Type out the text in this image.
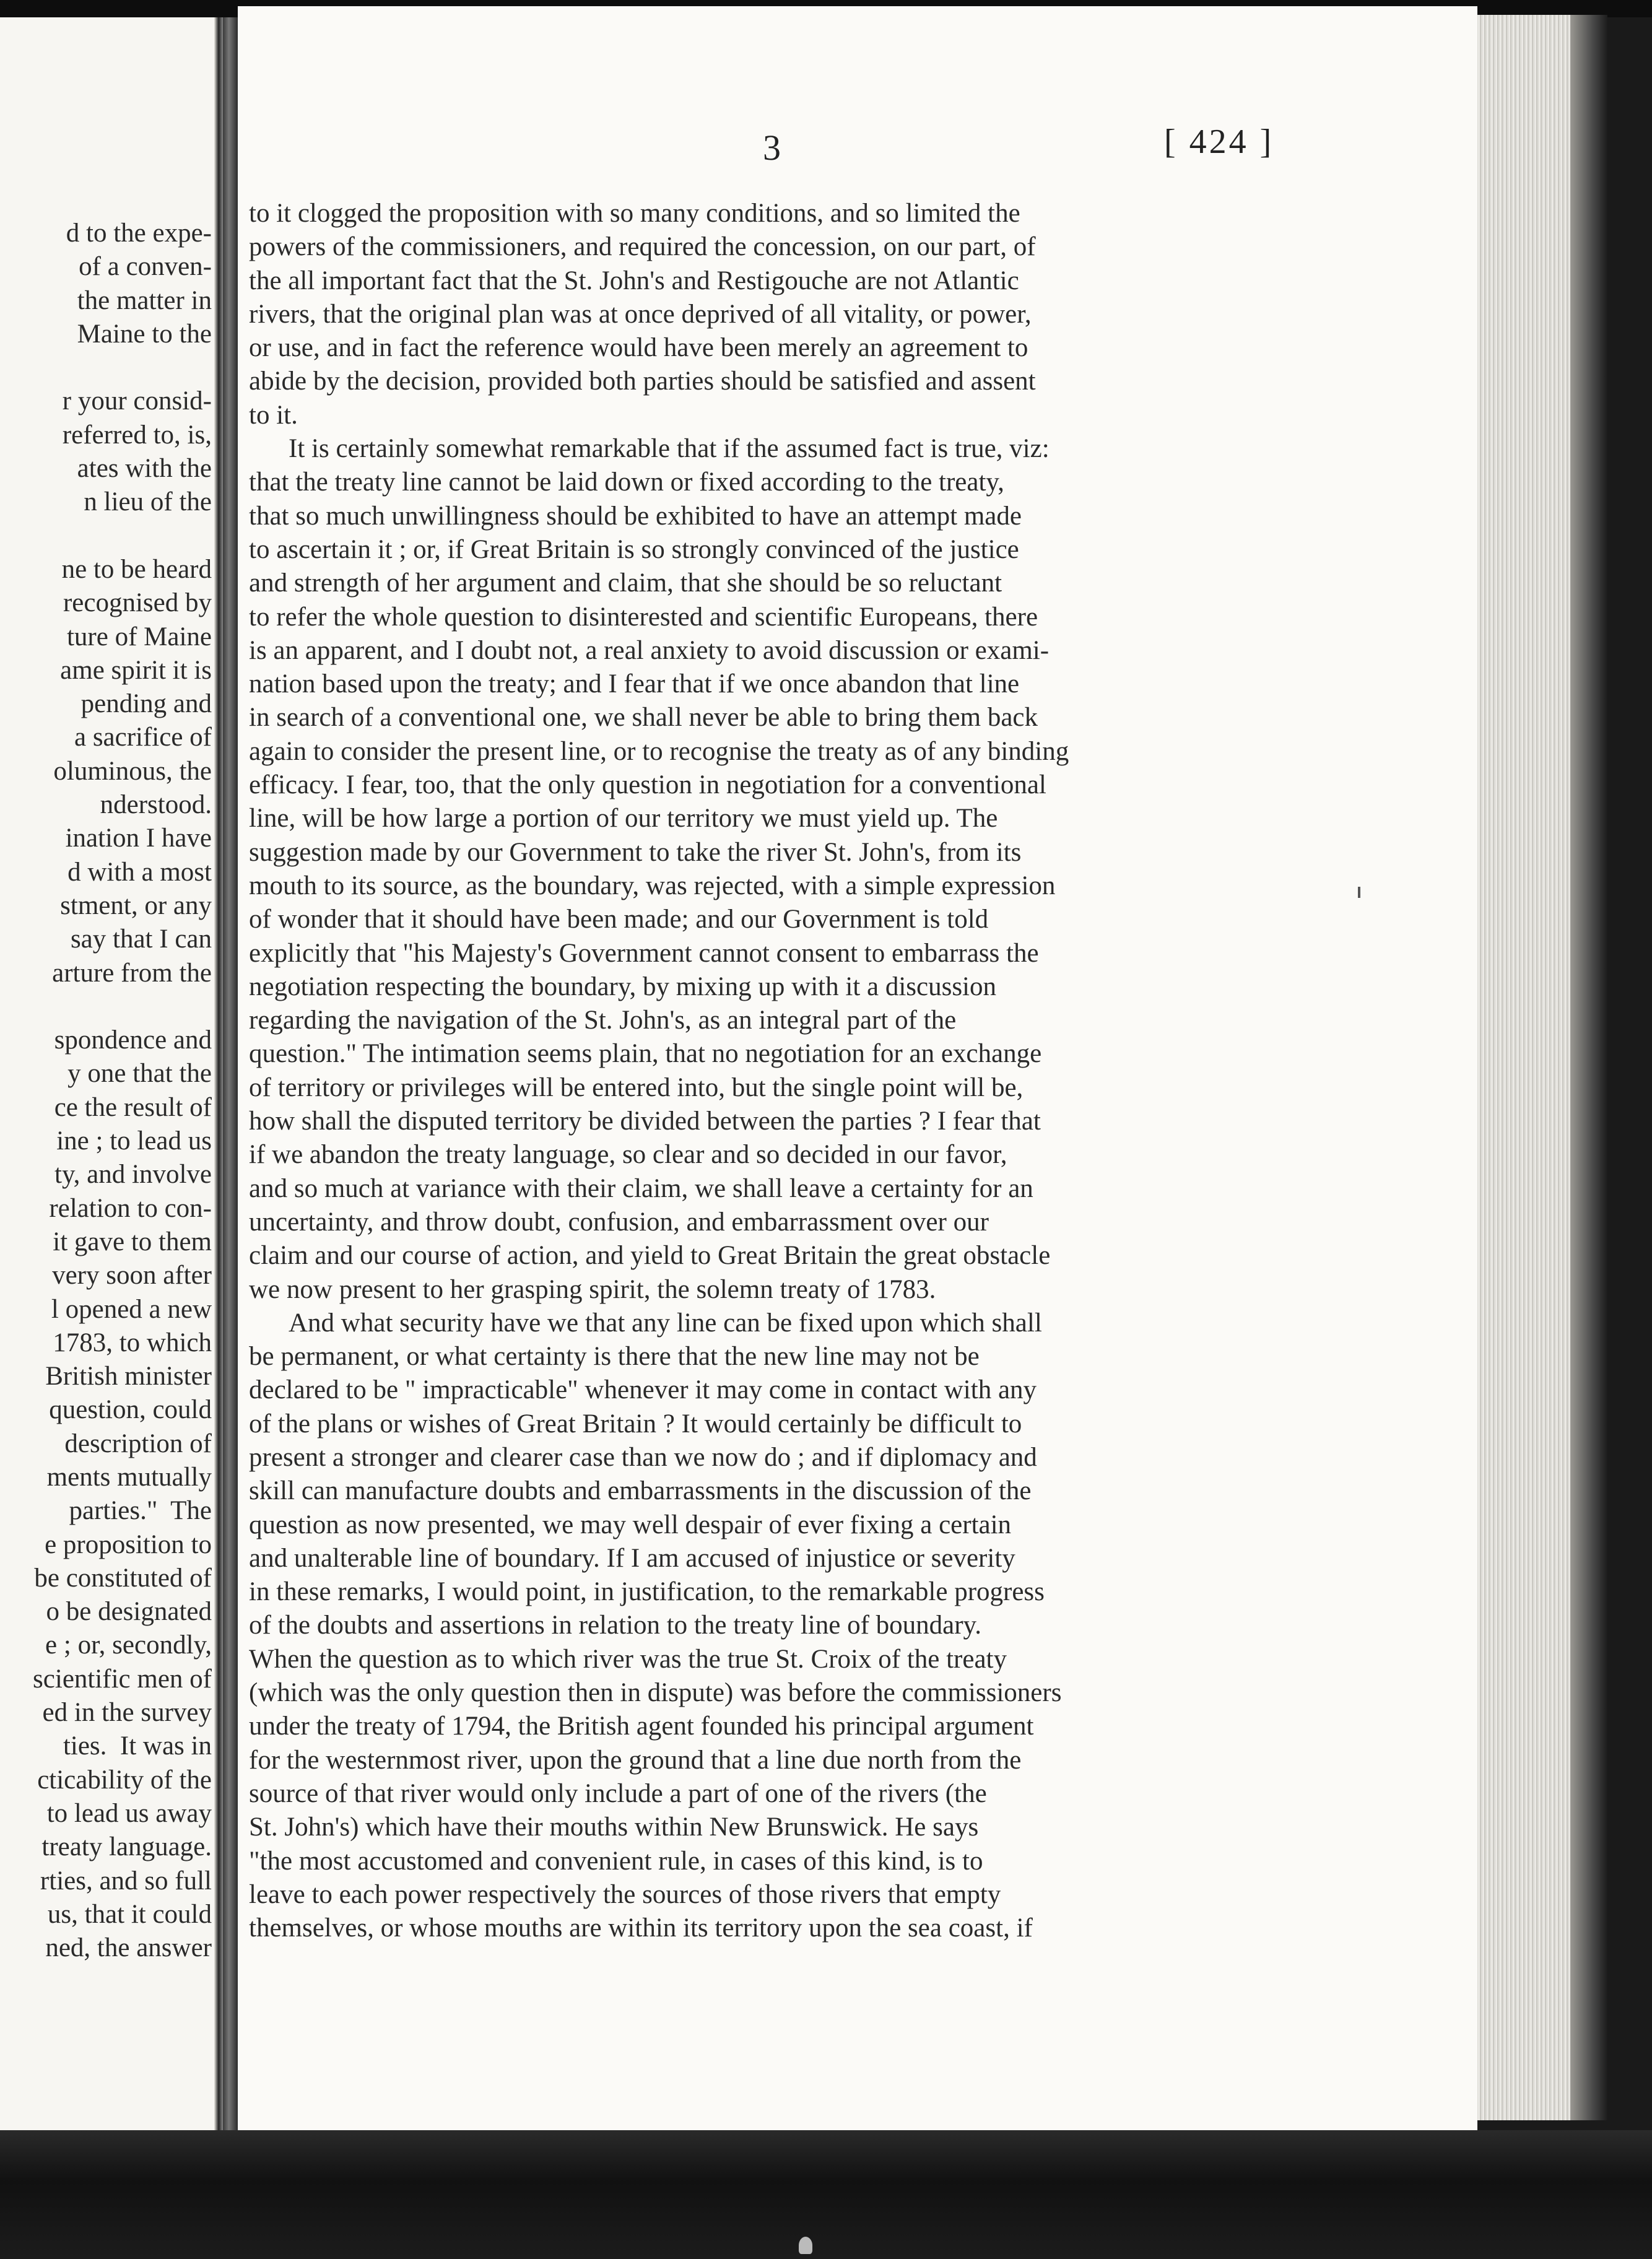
d to the expe-
of a conven-
the matter in
Maine to the
r your consid-
referred to, is,
ates with the
n lieu of the
ne to be heard
recognised by
ture of Maine
ame spirit it is
pending and
a sacrifice of
oluminous, the
nderstood.
ination I have
d with a most
stment, or any
say that I can
arture from the
spondence and
y one that the
ce the result of
ine ; to lead us
ty, and involve
relation to con-
it gave to them
very soon after
l opened a new
1783, to which
British minister
question, could
description of
ments mutually
parties."  The
e proposition to
be constituted of
o be designated
e ; or, secondly,
scientific men of
ed in the survey
ties.  It was in
cticability of the
to lead us away
treaty language.
rties, and so full
us, that it could
ned, the answer
3	[ 424 ]
to it clogged the proposition with so many conditions, and so limited the
powers of the commissioners, and required the concession, on our part, of
the all important fact that the St. John's and Restigouche are not Atlantic
rivers, that the original plan was at once deprived of all vitality, or power,
or use, and in fact the reference would have been merely an agreement to
abide by the decision, provided both parties should be satisfied and assent
to it.
It is certainly somewhat remarkable that if the assumed fact is true, viz:
that the treaty line cannot be laid down or fixed according to the treaty,
that so much unwillingness should be exhibited to have an attempt made
to ascertain it ; or, if Great Britain is so strongly convinced of the justice
and strength of her argument and claim, that she should be so reluctant
to refer the whole question to disinterested and scientific Europeans, there
is an apparent, and I doubt not, a real anxiety to avoid discussion or exami-
nation based upon the treaty; and I fear that if we once abandon that line
in search of a conventional one, we shall never be able to bring them back
again to consider the present line, or to recognise the treaty as of any binding
efficacy. I fear, too, that the only question in negotiation for a conventional
line, will be how large a portion of our territory we must yield up. The
suggestion made by our Government to take the river St. John's, from its
mouth to its source, as the boundary, was rejected, with a simple expression
of wonder that it should have been made; and our Government is told
explicitly that "his Majesty's Government cannot consent to embarrass the
negotiation respecting the boundary, by mixing up with it a discussion
regarding the navigation of the St. John's, as an integral part of the
question." The intimation seems plain, that no negotiation for an exchange
of territory or privileges will be entered into, but the single point will be,
how shall the disputed territory be divided between the parties ? I fear that
if we abandon the treaty language, so clear and so decided in our favor,
and so much at variance with their claim, we shall leave a certainty for an
uncertainty, and throw doubt, confusion, and embarrassment over our
claim and our course of action, and yield to Great Britain the great obstacle
we now present to her grasping spirit, the solemn treaty of 1783.
And what security have we that any line can be fixed upon which shall
be permanent, or what certainty is there that the new line may not be
declared to be " impracticable" whenever it may come in contact with any
of the plans or wishes of Great Britain ? It would certainly be difficult to
present a stronger and clearer case than we now do ; and if diplomacy and
skill can manufacture doubts and embarrassments in the discussion of the
question as now presented, we may well despair of ever fixing a certain
and unalterable line of boundary. If I am accused of injustice or severity
in these remarks, I would point, in justification, to the remarkable progress
of the doubts and assertions in relation to the treaty line of boundary.
When the question as to which river was the true St. Croix of the treaty
(which was the only question then in dispute) was before the commissioners
under the treaty of 1794, the British agent founded his principal argument
for the westernmost river, upon the ground that a line due north from the
source of that river would only include a part of one of the rivers (the
St. John's) which have their mouths within New Brunswick. He says
"the most accustomed and convenient rule, in cases of this kind, is to
leave to each power respectively the sources of those rivers that empty
themselves, or whose mouths are within its territory upon the sea coast, if
